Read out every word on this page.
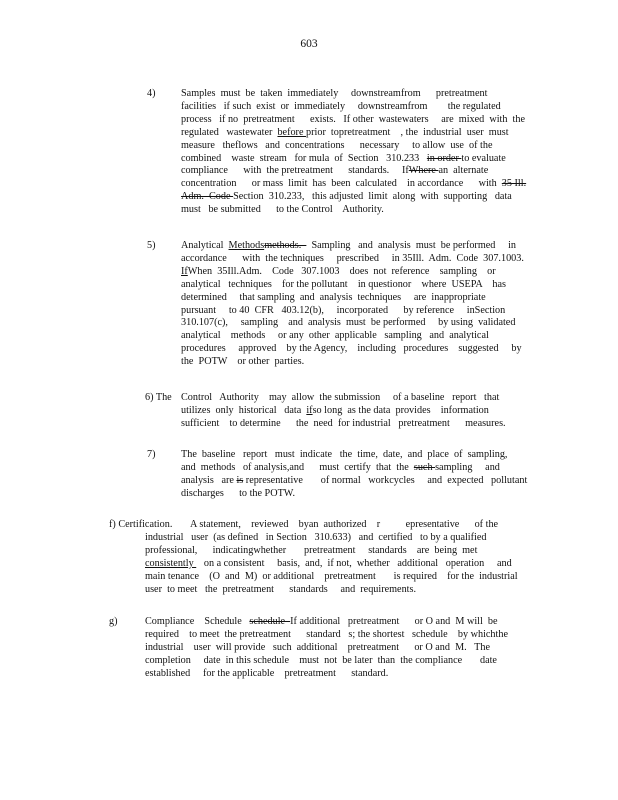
603
4)	Samples  must  be  taken  immediately     downstreamfrom      pretreatment
facilities   if such  exist  or  immediately     downstreamfrom        the regulated
process   if no  pretreatment      exists.   If other  wastewaters     are  mixed  with  the
regulated   wastewater  before prior  topretreatment    , the  industrial  user  must
measure   theflows   and  concentrations      necessary     to allow  use  of the
combined    waste  stream   for mula  of  Section   310.233   in order to evaluate
compliance      with  the pretreatment      standards.     IfWhere an  alternate
concentration      or mass  limit  has  been  calculated    in accordance      with  35 Ill.
Adm.  Code Section  310.233,   this adjusted  limit  along  with  supporting   data
must   be submitted      to the Control    Authority.
5)	Analytical  Methodsmethods.    Sampling   and  analysis  must  be performed     in
accordance      with  the techniques     prescribed     in 35Ill.  Adm.  Code  307.1003.
IfWhen  35Ill.Adm.    Code   307.1003    does  not  reference    sampling    or
analytical   techniques    for the pollutant    in questionor    where  USEPA    has
determined     that sampling  and  analysis  techniques     are  inappropriate
pursuant     to 40  CFR   403.12(b),     incorporated      by reference     inSection
310.107(c),     sampling    and  analysis  must  be performed     by using  validated
analytical    methods     or any  other  applicable   sampling   and  analytical
procedures     approved    by the Agency,    including   procedures    suggested     by
the  POTW    or other  parties.
6) The Control   Authority    may  allow  the submission     of a baseline   report   that
utilizes  only  historical   data  ifso long  as the data  provides    information
sufficient    to determine      the  need  for industrial   pretreatment      measures.
7)	The  baseline   report   must  indicate   the  time,  date,  and  place  of  sampling,
and  methods   of analysis,and      must  certify  that  the  such sampling     and
analysis   are is representative       of normal   workcycles     and  expected   pollutant
discharges      to the POTW.
f) Certification. A statement,    reviewed    byan  authorized    r          epresentative      of the
industrial   user  (as defined   in Section   310.633)   and  certified   to by a qualified
professional,      indicatingwhether       pretreatment     standards    are  being  met
consistently    on a consistent     basis,  and,  if not,  whether   additional   operation     and
main tenance    (O  and  M)  or additional    pretreatment       is required    for the  industrial
user  to meet   the  pretreatment      standards     and  requirements.
g)	Compliance    Schedule   schedule  If additional   pretreatment      or O and  M will  be
required    to meet  the pretreatment      standard   s; the shortest   schedule    by whichthe
industrial    user  will provide   such  additional    pretreatment      or O and  M.   The
completion     date  in this schedule    must  not  be later  than  the compliance       date
established     for the applicable    pretreatment      standard.
